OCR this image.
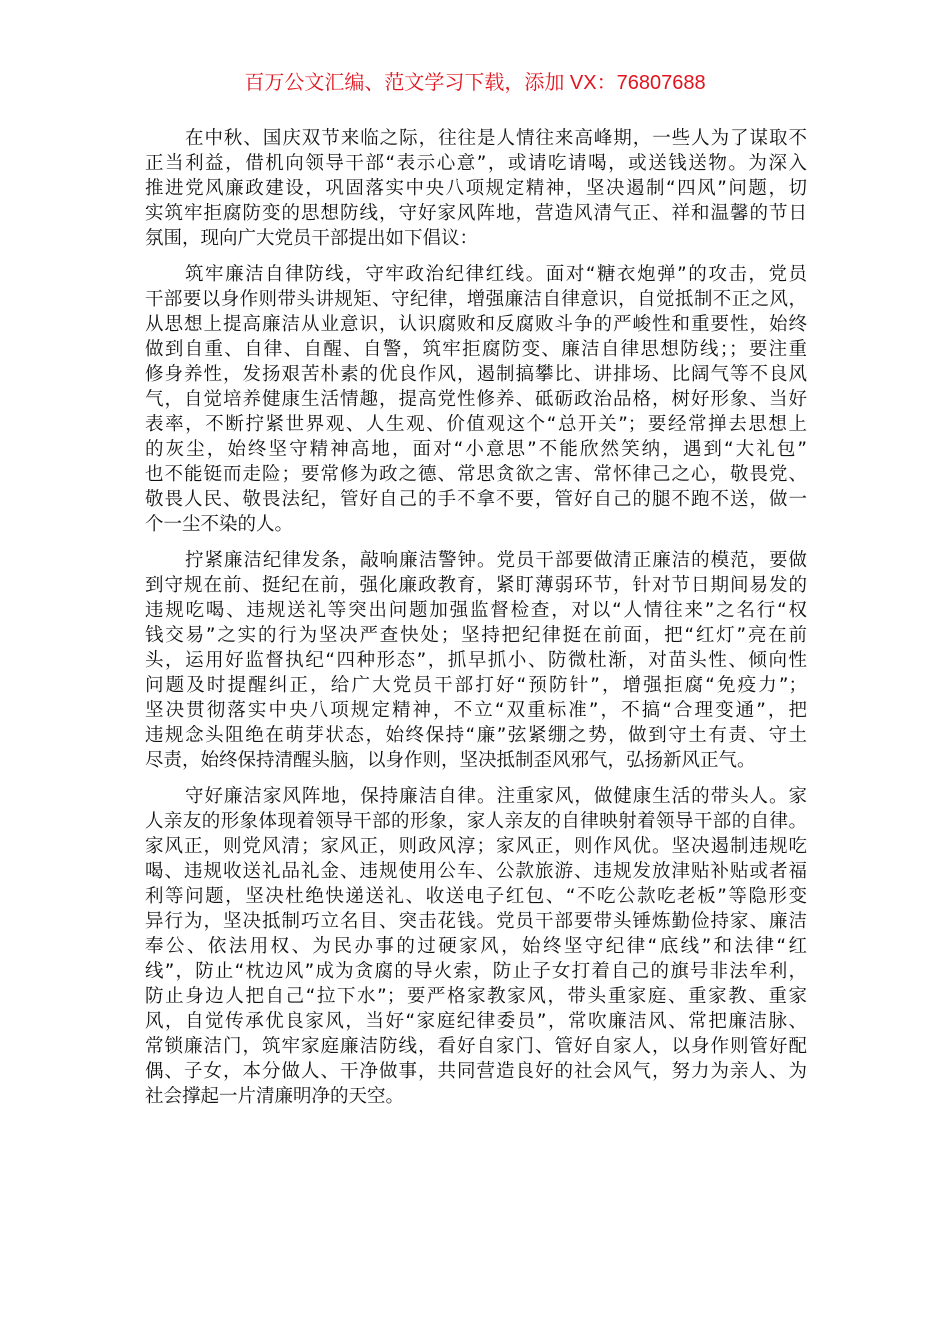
百万公文汇编、范文学习下载，添加 VX：76807688
在中秋、国庆双节来临之际，往往是人情往来高峰期，一些人为了谋取不
正当利益，借机向领导干部“表示心意”，或请吃请喝，或送钱送物。为深入
推进党风廉政建设，巩固落实中央八项规定精神，坚决遏制“四风”问题，切
实筑牢拒腐防变的思想防线，守好家风阵地，营造风清气正、祥和温馨的节日
氛围，现向广大党员干部提出如下倡议：
筑牢廉洁自律防线，守牢政治纪律红线。面对“糖衣炮弹”的攻击，党员
干部要以身作则带头讲规矩、守纪律，增强廉洁自律意识，自觉抵制不正之风，
从思想上提高廉洁从业意识，认识腐败和反腐败斗争的严峻性和重要性，始终
做到自重、自律、自醒、自警，筑牢拒腐防变、廉洁自律思想防线；；要注重
修身养性，发扬艰苦朴素的优良作风，遏制搞攀比、讲排场、比阔气等不良风
气，自觉培养健康生活情趣，提高党性修养、砥砺政治品格，树好形象、当好
表率，不断拧紧世界观、人生观、价值观这个“总开关”；要经常掸去思想上
的灰尘，始终坚守精神高地，面对“小意思”不能欣然笑纳，遇到“大礼包”
也不能铤而走险；要常修为政之德、常思贪欲之害、常怀律己之心，敬畏党、
敬畏人民、敬畏法纪，管好自己的手不拿不要，管好自己的腿不跑不送，做一
个一尘不染的人。
拧紧廉洁纪律发条，敲响廉洁警钟。党员干部要做清正廉洁的模范，要做
到守规在前、挺纪在前，强化廉政教育，紧盯薄弱环节，针对节日期间易发的
违规吃喝、违规送礼等突出问题加强监督检查，对以“人情往来”之名行“权
钱交易”之实的行为坚决严查快处；坚持把纪律挺在前面，把“红灯”亮在前
头，运用好监督执纪“四种形态”，抓早抓小、防微杜渐，对苗头性、倾向性
问题及时提醒纠正，给广大党员干部打好“预防针”，增强拒腐“免疫力”；
坚决贯彻落实中央八项规定精神，不立“双重标准”，不搞“合理变通”，把
违规念头阻绝在萌芽状态，始终保持“廉”弦紧绷之势，做到守土有责、守土
尽责，始终保持清醒头脑，以身作则，坚决抵制歪风邪气，弘扬新风正气。
守好廉洁家风阵地，保持廉洁自律。注重家风，做健康生活的带头人。家
人亲友的形象体现着领导干部的形象，家人亲友的自律映射着领导干部的自律。
家风正，则党风清；家风正，则政风淳；家风正，则作风优。坚决遏制违规吃
喝、违规收送礼品礼金、违规使用公车、公款旅游、违规发放津贴补贴或者福
利等问题，坚决杜绝快递送礼、收送电子红包、“不吃公款吃老板”等隐形变
异行为，坚决抵制巧立名目、突击花钱。党员干部要带头锤炼勤俭持家、廉洁
奉公、依法用权、为民办事的过硬家风，始终坚守纪律“底线”和法律“红
线”，防止“枕边风”成为贪腐的导火索，防止子女打着自己的旗号非法牟利，
防止身边人把自己“拉下水”；要严格家教家风，带头重家庭、重家教、重家
风，自觉传承优良家风，当好“家庭纪律委员”，常吹廉洁风、常把廉洁脉、
常锁廉洁门，筑牢家庭廉洁防线，看好自家门、管好自家人，以身作则管好配
偶、子女，本分做人、干净做事，共同营造良好的社会风气，努力为亲人、为
社会撑起一片清廉明净的天空。
